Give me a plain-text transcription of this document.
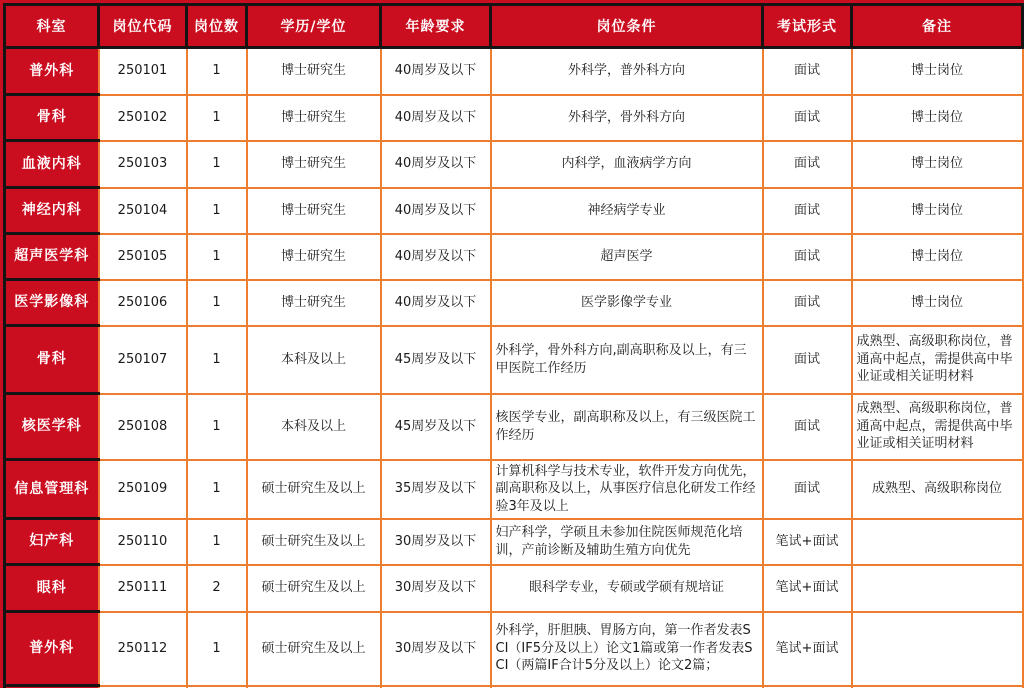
科室	岗位代码	岗位数	学历/学位	年龄要求	岗位条件	考试形式	备注
普外科	250101	1	博士研究生	40周岁及以下	外科学，普外科方向	面试	博士岗位
骨科	250102	1	博士研究生	40周岁及以下	外科学，骨外科方向	面试	博士岗位
血液内科	250103	1	博士研究生	40周岁及以下	内科学，血液病学方向	面试	博士岗位
神经内科	250104	1	博士研究生	40周岁及以下	神经病学专业	面试	博士岗位
超声医学科	250105	1	博士研究生	40周岁及以下	超声医学	面试	博士岗位
医学影像科	250106	1	博士研究生	40周岁及以下	医学影像学专业	面试	博士岗位
骨科	250107	1	本科及以上	45周岁及以下	外科学，骨外科方向,副高职称及以上，有三甲医院工作经历	面试	成熟型、高级职称岗位，普通高中起点，需提供高中毕业证或相关证明材料
核医学科	250108	1	本科及以上	45周岁及以下	核医学专业，副高职称及以上，有三级医院工作经历	面试	成熟型、高级职称岗位，普通高中起点，需提供高中毕业证或相关证明材料
信息管理科	250109	1	硕士研究生及以上	35周岁及以下	计算机科学与技术专业，软件开发方向优先，副高职称及以上，从事医疗信息化研发工作经验3年及以上	面试	成熟型、高级职称岗位
妇产科	250110	1	硕士研究生及以上	30周岁及以下	妇产科学，学硕且未参加住院医师规范化培训，产前诊断及辅助生殖方向优先	笔试+面试	
眼科	250111	2	硕士研究生及以上	30周岁及以下	眼科学专业，专硕或学硕有规培证	笔试+面试	
普外科	250112	1	硕士研究生及以上	30周岁及以下	外科学，肝胆胰、胃肠方向，第一作者发表SCI（IF5分及以上）论文1篇或第一作者发表SCI（两篇IF合计5分及以上）论文2篇；	笔试+面试	
